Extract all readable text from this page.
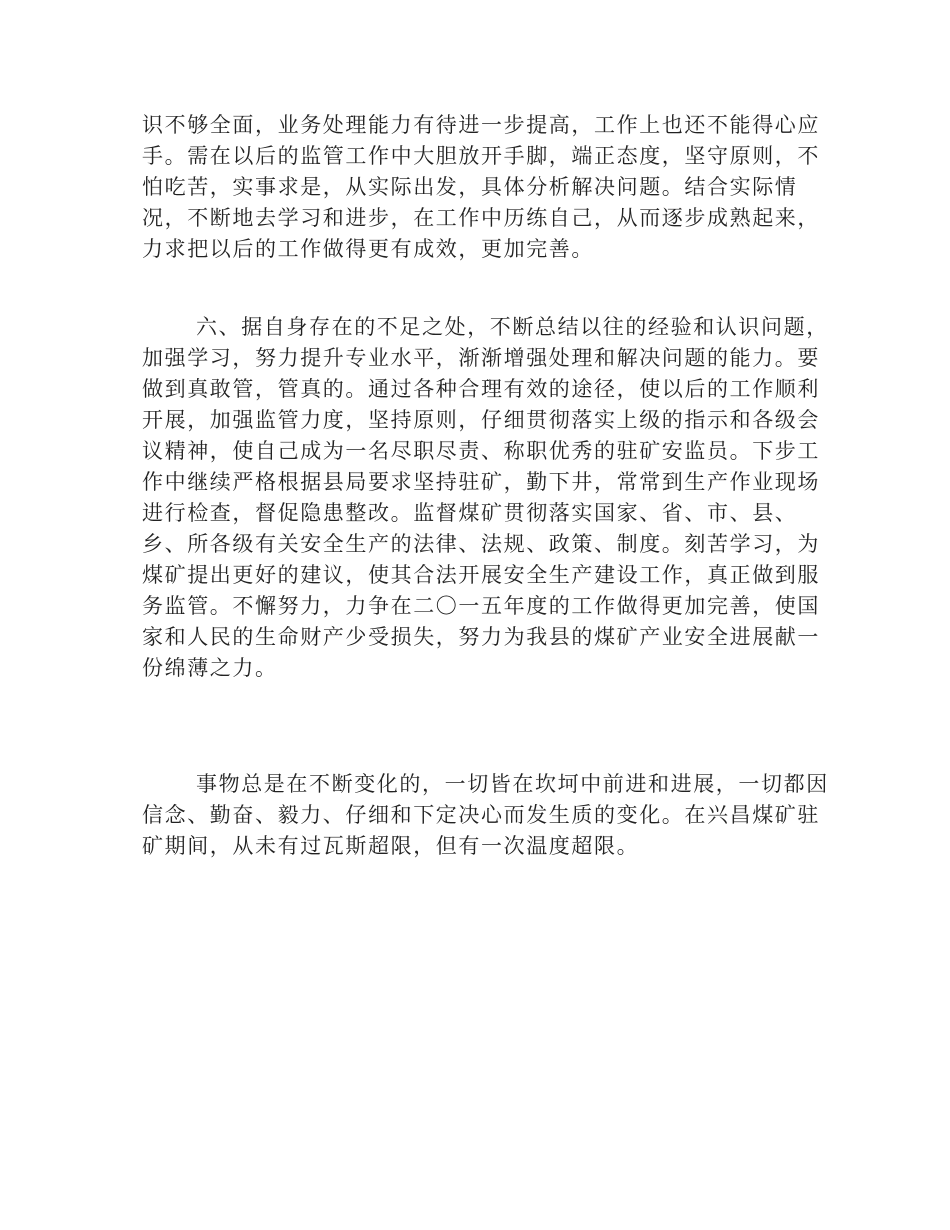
识不够全面，业务处理能力有待进一步提高，工作上也还不能得心应
手。需在以后的监管工作中大胆放开手脚，端正态度，坚守原则，不
怕吃苦，实事求是，从实际出发，具体分析解决问题。结合实际情
况，不断地去学习和进步，在工作中历练自己，从而逐步成熟起来，
力求把以后的工作做得更有成效，更加完善。
六、据自身存在的不足之处，不断总结以往的经验和认识问题，
加强学习，努力提升专业水平，渐渐增强处理和解决问题的能力。要
做到真敢管，管真的。通过各种合理有效的途径，使以后的工作顺利
开展，加强监管力度，坚持原则，仔细贯彻落实上级的指示和各级会
议精神，使自己成为一名尽职尽责、称职优秀的驻矿安监员。下步工
作中继续严格根据县局要求坚持驻矿，勤下井，常常到生产作业现场
进行检查，督促隐患整改。监督煤矿贯彻落实国家、省、市、县、
乡、所各级有关安全生产的法律、法规、政策、制度。刻苦学习，为
煤矿提出更好的建议，使其合法开展安全生产建设工作，真正做到服
务监管。不懈努力，力争在二〇一五年度的工作做得更加完善，使国
家和人民的生命财产少受损失，努力为我县的煤矿产业安全进展献一
份绵薄之力。
事物总是在不断变化的，一切皆在坎坷中前进和进展，一切都因
信念、勤奋、毅力、仔细和下定决心而发生质的变化。在兴昌煤矿驻
矿期间，从未有过瓦斯超限，但有一次温度超限。
